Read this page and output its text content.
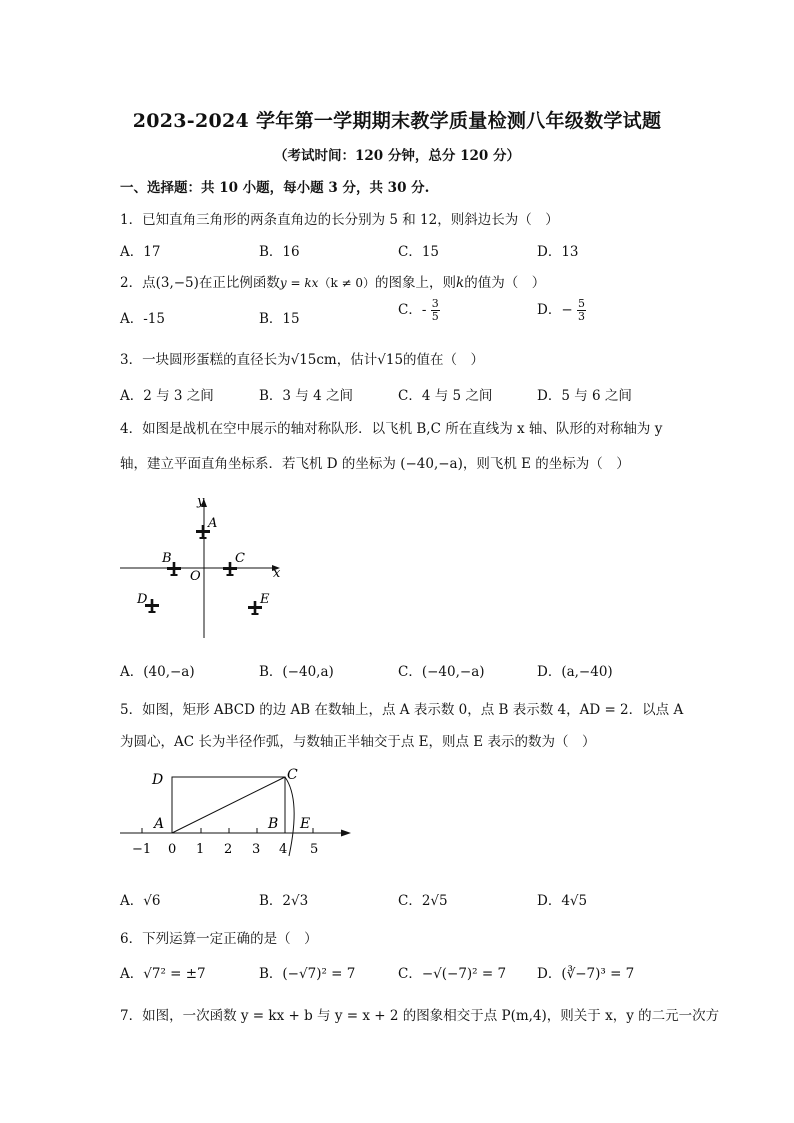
2023-2024 学年第一学期期末教学质量检测八年级数学试题
（考试时间：120 分钟，总分 120 分）
一、选择题：共 10 小题，每小题 3 分，共 30 分.
1．已知直角三角形的两条直角边的长分别为 5 和 12，则斜边长为（　）
A．17	B．16	C．15	D．13
2．点(3,−5)在正比例函数y = kx（k ≠ 0）的图象上，则k的值为（　）
A．-15	B．15
C．- $\frac{3}{5}$	D．− $\frac{5}{3}$
3．一块圆形蛋糕的直径长为√15cm，估计√15的值在（　）
A．2 与 3 之间	B．3 与 4 之间	C．4 与 5 之间	D．5 与 6 之间
4．如图是战机在空中展示的轴对称队形．以飞机 B,C 所在直线为 x 轴、队形的对称轴为 y
轴，建立平面直角坐标系．若飞机 D 的坐标为 (−40,−a)，则飞机 E 的坐标为（　）
y
x
O
A
B	C
D	E
A．(40,−a)	B．(−40,a)	C．(−40,−a)	D．(a,−40)
5．如图，矩形 ABCD 的边 AB 在数轴上，点 A 表示数 0，点 B 表示数 4，AD = 2．以点 A
为圆心，AC 长为半径作弧，与数轴正半轴交于点 E，则点 E 表示的数为（　）
D	C
A	B E
−1 0 1 2 3 4 5
A．√6	B．2√3	C．2√5	D．4√5
6．下列运算一定正确的是（　）
A．√7² = ±7	B．(−√7)² = 7	C．−√(−7)² = 7 D．(∛−7)³ = 7
7．如图，一次函数 y = kx + b 与 y = x + 2 的图象相交于点 P(m,4)，则关于 x，y 的二元一次方
